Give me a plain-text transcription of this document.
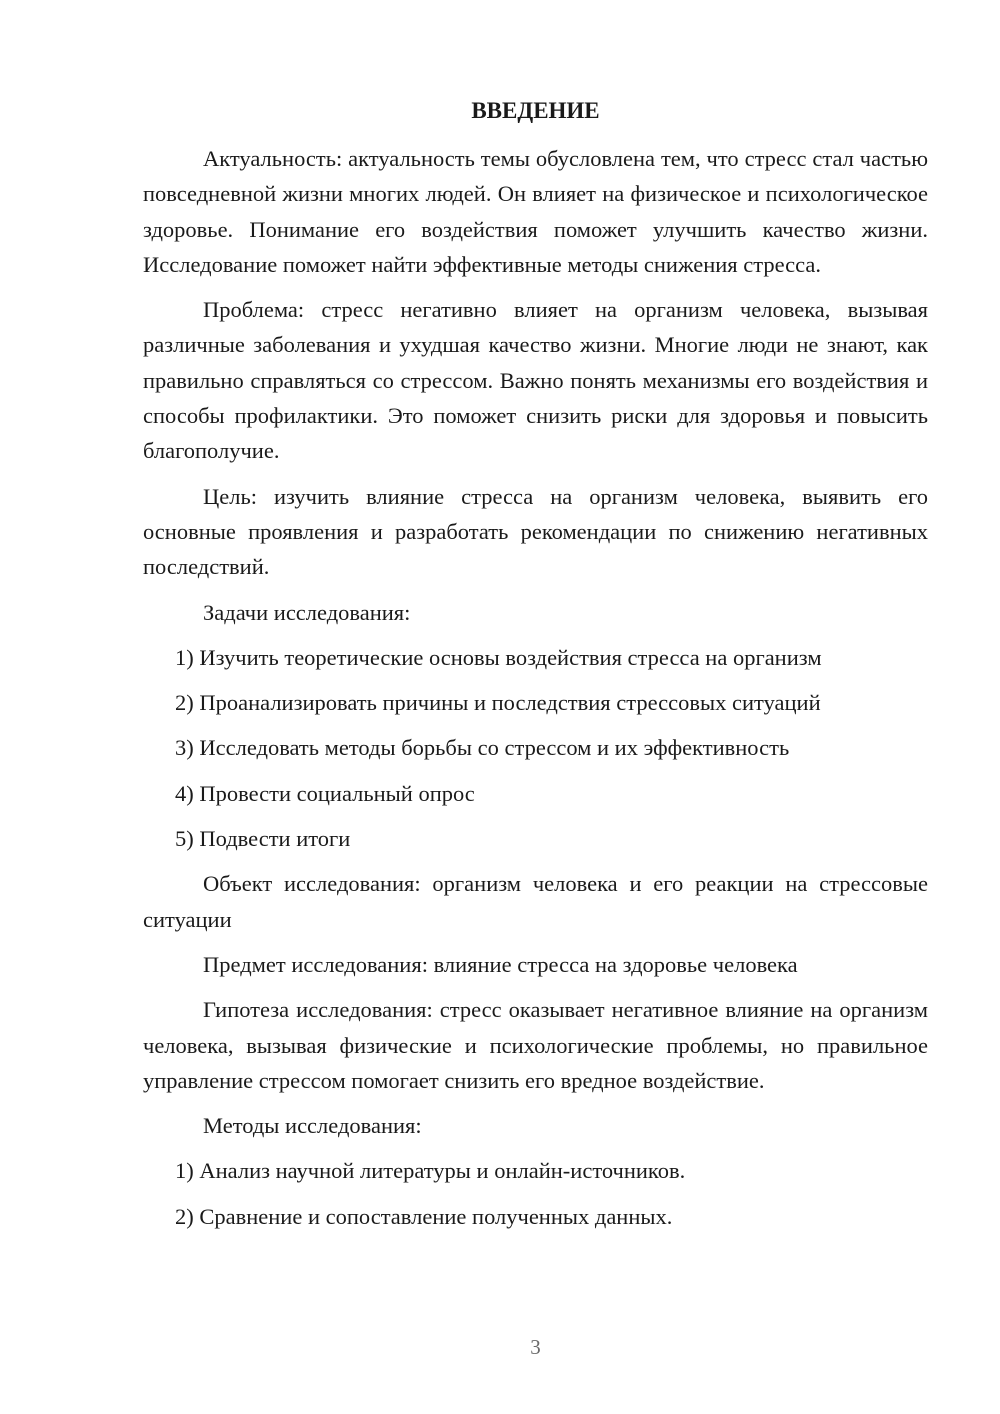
ВВЕДЕНИЕ

Актуальность: актуальность темы обусловлена тем, что стресс стал частью повседневной жизни многих людей. Он влияет на физическое и психологическое здоровье. Понимание его воздействия поможет улучшить качество жизни. Исследование поможет найти эффективные методы снижения стресса.

Проблема: стресс негативно влияет на организм человека, вызывая различные заболевания и ухудшая качество жизни. Многие люди не знают, как правильно справляться со стрессом. Важно понять механизмы его воздействия и способы профилактики. Это поможет снизить риски для здоровья и повысить благополучие.

Цель: изучить влияние стресса на организм человека, выявить его основные проявления и разработать рекомендации по снижению негативных последствий.

Задачи исследования:

1) Изучить теоретические основы воздействия стресса на организм

2) Проанализировать причины и последствия стрессовых ситуаций

3) Исследовать методы борьбы со стрессом и их эффективность

4) Провести социальный опрос

5) Подвести итоги

Объект исследования: организм человека и его реакции на стрессовые ситуации

Предмет исследования: влияние стресса на здоровье человека

Гипотеза исследования: стресс оказывает негативное влияние на организм человека, вызывая физические и психологические проблемы, но правильное управление стрессом помогает снизить его вредное воздействие.

Методы исследования:

1) Анализ научной литературы и онлайн-источников.

2) Сравнение и сопоставление полученных данных.

3
